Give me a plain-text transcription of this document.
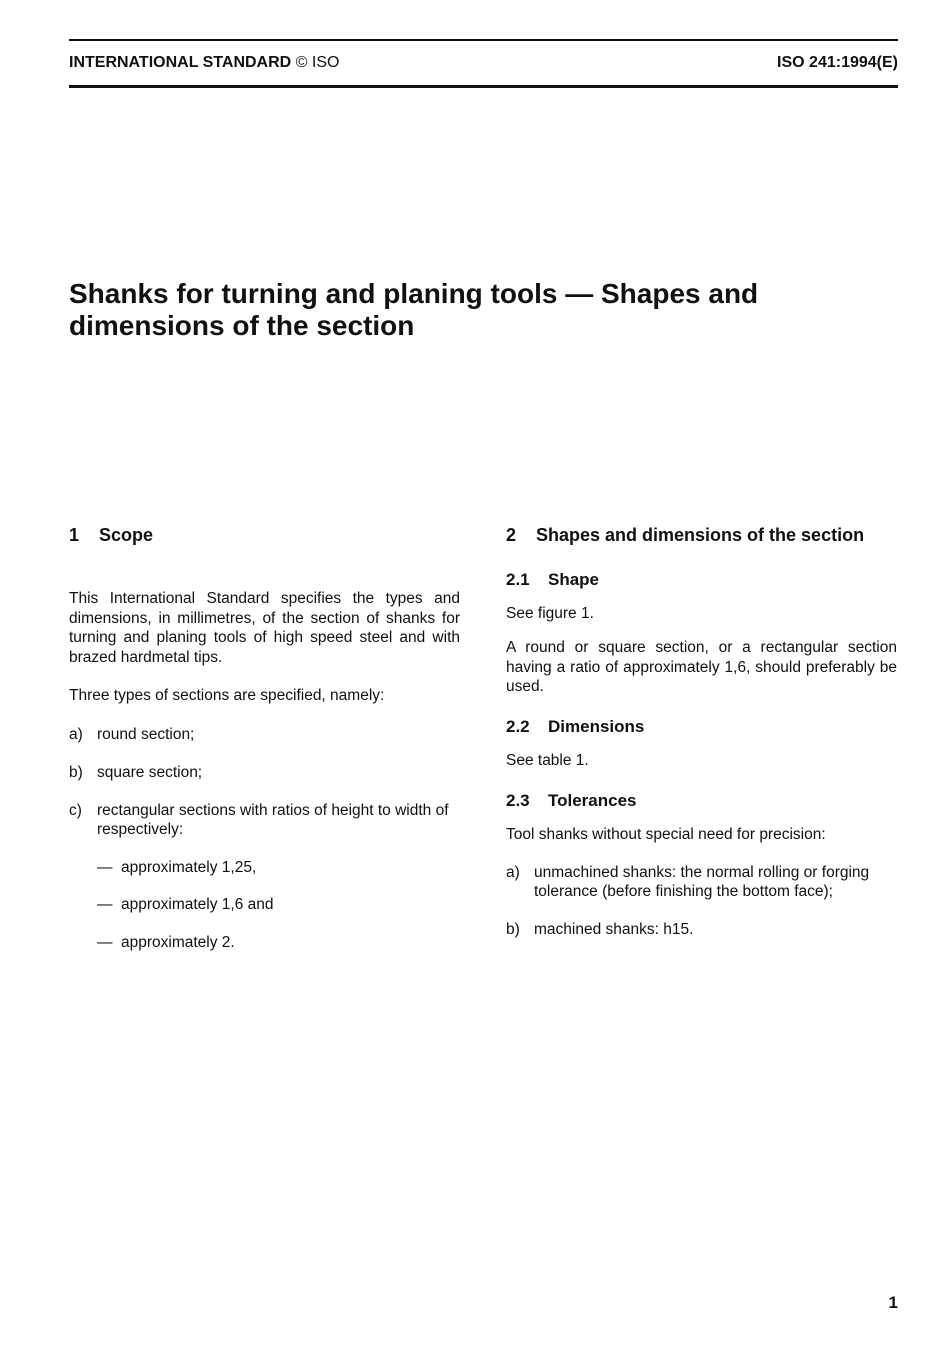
INTERNATIONAL STANDARD © ISO	ISO 241:1994(E)
Shanks for turning and planing tools — Shapes and dimensions of the section
1 Scope

This International Standard specifies the types and dimensions, in millimetres, of the section of shanks for turning and planing tools of high speed steel and with brazed hardmetal tips.

Three types of sections are specified, namely:

a) round section;
b) square section;
c) rectangular sections with ratios of height to width of respectively:
— approximately 1,25,
— approximately 1,6 and
— approximately 2.
2 Shapes and dimensions of the section
2.1 Shape

See figure 1.

A round or square section, or a rectangular section having a ratio of approximately 1,6, should preferably be used.

2.2 Dimensions

See table 1.

2.3 Tolerances

Tool shanks without special need for precision:

a) unmachined shanks: the normal rolling or forging tolerance (before finishing the bottom face);
b) machined shanks: h15.
1
